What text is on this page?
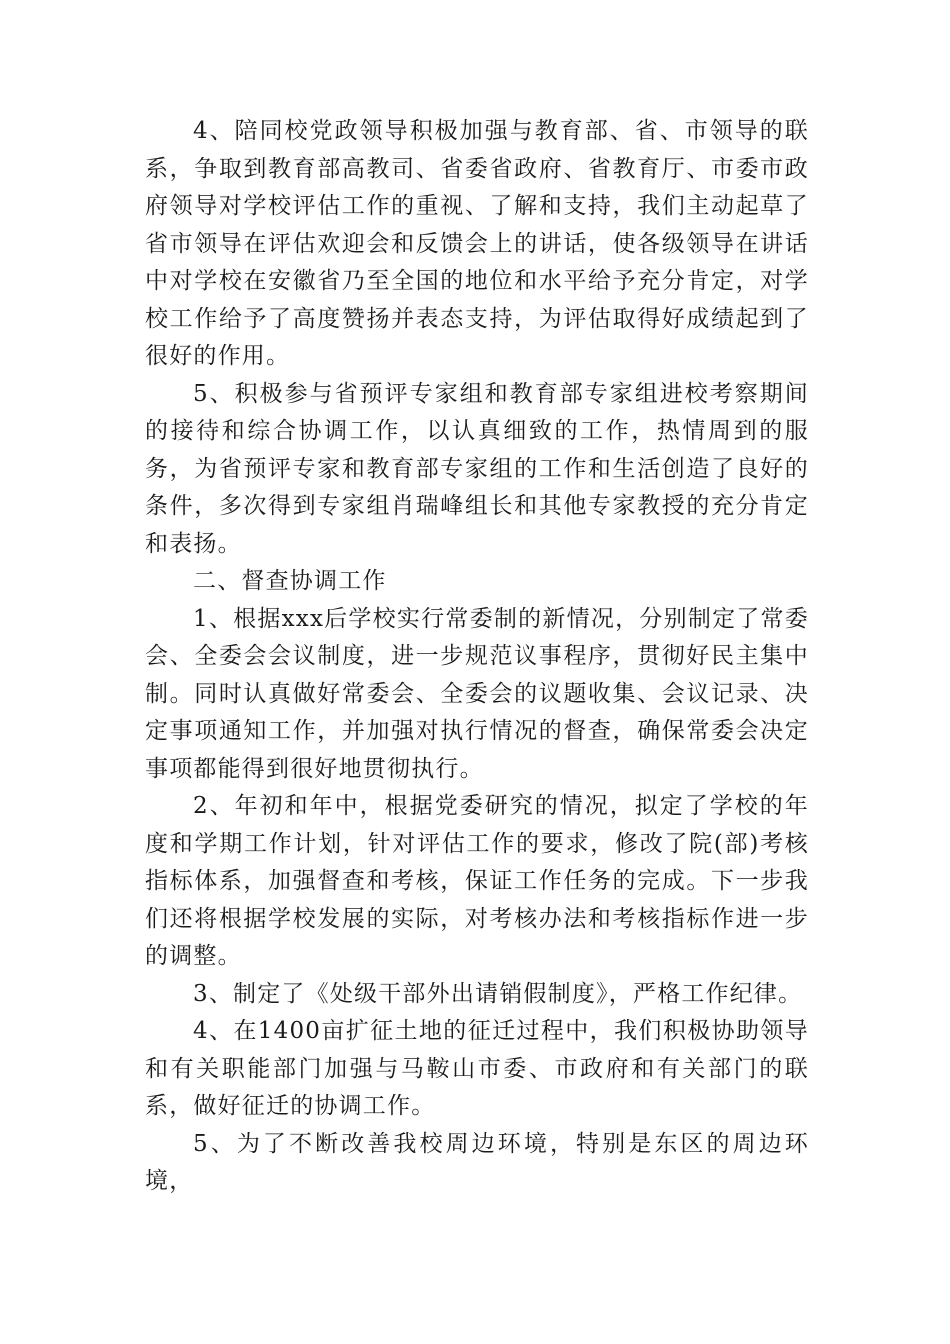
4、陪同校党政领导积极加强与教育部、省、市领导的联系，争取到教育部高教司、省委省政府、省教育厅、市委市政府领导对学校评估工作的重视、了解和支持，我们主动起草了省市领导在评估欢迎会和反馈会上的讲话，使各级领导在讲话中对学校在安徽省乃至全国的地位和水平给予充分肯定，对学校工作给予了高度赞扬并表态支持，为评估取得好成绩起到了很好的作用。

5、积极参与省预评专家组和教育部专家组进校考察期间的接待和综合协调工作，以认真细致的工作，热情周到的服务，为省预评专家和教育部专家组的工作和生活创造了良好的条件，多次得到专家组肖瑞峰组长和其他专家教授的充分肯定和表扬。

二、督查协调工作

1、根据xxx后学校实行常委制的新情况，分别制定了常委会、全委会会议制度，进一步规范议事程序，贯彻好民主集中制。同时认真做好常委会、全委会的议题收集、会议记录、决定事项通知工作，并加强对执行情况的督查，确保常委会决定事项都能得到很好地贯彻执行。

2、年初和年中，根据党委研究的情况，拟定了学校的年度和学期工作计划，针对评估工作的要求，修改了院(部)考核指标体系，加强督查和考核，保证工作任务的完成。下一步我们还将根据学校发展的实际，对考核办法和考核指标作进一步的调整。

3、制定了《处级干部外出请销假制度》，严格工作纪律。

4、在1400亩扩征土地的征迁过程中，我们积极协助领导和有关职能部门加强与马鞍山市委、市政府和有关部门的联系，做好征迁的协调工作。

5、为了不断改善我校周边环境，特别是东区的周边环境，
